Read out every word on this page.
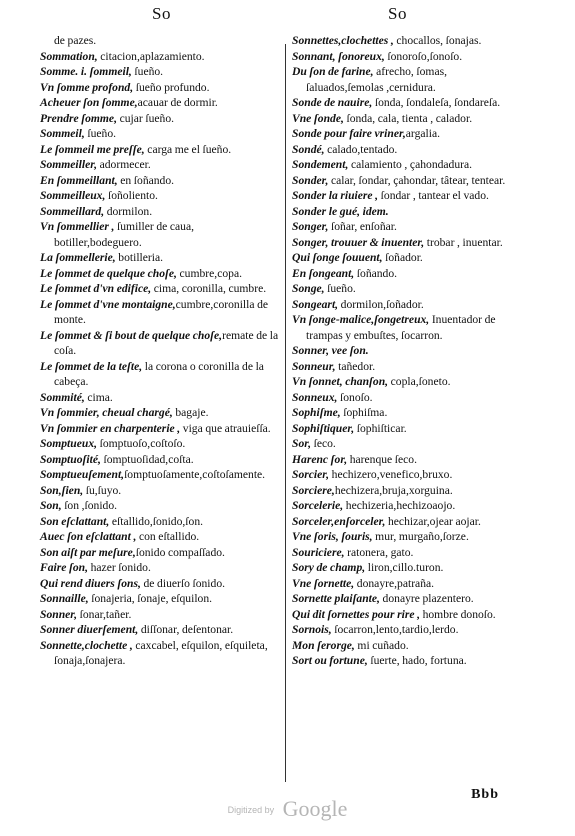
So	So
de pazes.
Sommation, citacion,aplazamiento.
Somme. i. ſommeil, ſueño.
Vn ſomme profond, ſueño profundo.
Acheuer ſon ſomme,acauar de dormir.
Prendre ſomme, cujar ſueño.
Sommeil, ſueño.
Le ſommeil me preſſe, carga me el ſueño.
Sommeiller, adormecer.
En ſommeillant, en ſoñando.
Sommeilleux, ſoñoliento.
Sommeillard, dormilon.
Vn ſommellier , ſumiller de caua, botiller,bodeguero.
La ſommellerie, botilleria.
Le ſommet de quelque choſe, cumbre,copa.
Le ſommet d'vn edifice, cima, coronilla, cumbre.
Le ſommet d'vne montaigne,cumbre,coronilla de monte.
Le ſommet & ſi bout de quelque choſe,remate de la coſa.
Le ſommet de la teſte, la corona o coronilla de la cabeça.
Sommité, cima.
Vn ſommier, cheual chargé, bagaje.
Vn ſommier en charpenterie , viga que atrauieſſa.
Somptueux, ſomptuoſo,coſtoſo.
Somptuoſité, ſomptuoſidad,coſta.
Somptueuſement,ſomptuoſamente,coſtoſamente.
Son,ſien, ſu,ſuyo.
Son, ſon ,ſonido.
Son eſclattant, eſtallido,ſonido,ſon.
Auec ſon eſclattant , con eſtallido.
Son aiſt par meſure,ſonido compaſſado.
Faire ſon, hazer ſonido.
Qui rend diuers ſons, de diuerſo ſonido.
Sonnaille, ſonajeria, ſonaje, eſquilon.
Sonner, ſonar,tañer.
Sonner diuerſement, diſſonar, deſentonar.
Sonnette,clochette , caxcabel, eſquilon, eſquileta, ſonaja,ſonajera.
Sonnettes,clochettes , chocallos, ſonajas.
Sonnant, ſonoreux, ſonoroſo,ſonoſo.
Du ſon de farine, afrecho, ſomas, ſaluados,ſemolas ,cernidura.
Sonde de nauire, ſonda, ſondaleſa, ſondareſa.
Vne ſonde, ſonda, cala, tienta , calador.
Sonde pour faire vriner,argalia.
Sondé, calado,tentado.
Sondement, calamiento , çahondadura.
Sonder, calar, ſondar, çahondar, tâtear, tentear.
Sonder la riuiere , ſondar , tantear el vado.
Sonder le gué, idem.
Songer, ſoñar, enſoñar.
Songer, trouuer & inuenter, trobar , inuentar.
Qui ſonge ſouuent, ſoñador.
En ſongeant, ſoñando.
Songe, ſueño.
Songeart, dormilon,ſoñador.
Vn ſonge-malice,ſongetreux, Inuentador de trampas y embuſtes, ſocarron.
Sonner, vee ſon.
Sonneur, tañedor.
Vn ſonnet, chanſon, copla,ſoneto.
Sonneux, ſonoſo.
Sophiſme, ſophiſma.
Sophiſtiquer, ſophiſticar.
Sor, ſeco.
Harenc ſor, harenque ſeco.
Sorcier, hechizero,venefico,bruxo.
Sorciere,hechizera,bruja,xorguina.
Sorcelerie, hechizeria,hechizoaojo.
Sorceler,enſorceler, hechizar,ojear aojar.
Vne ſoris, ſouris, mur, murgaño,ſorze.
Souriciere, ratonera, gato.
Sory de champ, liron,cillo.turon.
Vne ſornette, donayre,patraña.
Sornette plaiſante, donayre plazentero.
Qui dit ſornettes pour rire , hombre donoſo.
Sornois, ſocarron,lento,tardio,lerdo.
Mon ſerorge, mi cuñado.
Sort ou fortune, ſuerte, hado, fortuna.
Bbb
Digitized by Google
